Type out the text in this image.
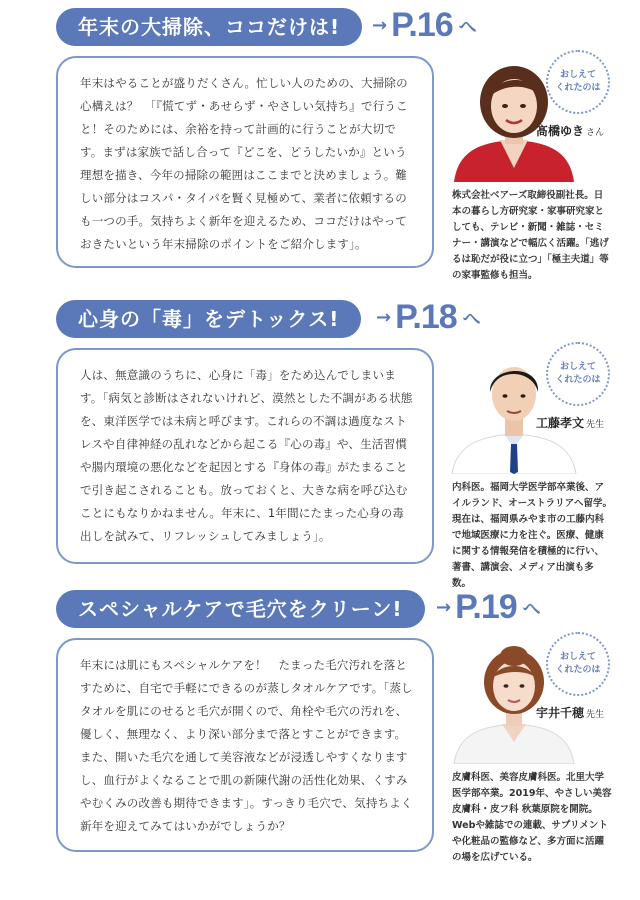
年末の大掃除、ココだけは!	→ P.16 へ

年末はやることが盛りだくさん。忙しい人のための、大掃除の心構えは？　「『慌てず・あせらず・やさしい気持ち』で行うこと！そのためには、余裕を持って計画的に行うことが大切です。まずは家族で話し合って『どこを、どうしたいか』という理想を描き、今年の掃除の範囲はここまでと決めましょう。難しい部分はコスパ・タイパを賢く見極めて、業者に依頼するのも一つの手。気持ちよく新年を迎えるため、ココだけはやっておきたいという年末掃除のポイントをご紹介します」。

おしえて
くれたのは
髙橋ゆき さん

株式会社ベアーズ取締役副社長。日本の暮らし方研究家・家事研究家としても、テレビ・新聞・雑誌・セミナー・講演などで幅広く活躍。「逃げるは恥だが役に立つ」「極主夫道」等の家事監修も担当。

心身の「毒」をデトックス!	→ P.18 へ

人は、無意識のうちに、心身に「毒」をため込んでしまいます。「病気と診断はされないけれど、漠然とした不調がある状態を、東洋医学では未病と呼びます。これらの不調は過度なストレスや自律神経の乱れなどから起こる『心の毒』や、生活習慣や腸内環境の悪化などを起因とする『身体の毒』がたまることで引き起こされることも。放っておくと、大きな病を呼び込むことにもなりかねません。年末に、1年間にたまった心身の毒出しを試みて、リフレッシュしてみましょう」。

おしえて
くれたのは
工藤孝文 先生

内科医。福岡大学医学部卒業後、アイルランド、オーストラリアへ留学。現在は、福岡県みやま市の工藤内科で地域医療に力を注ぐ。医療、健康に関する情報発信を積極的に行い、著書、講演会、メディア出演も多数。

スペシャルケアで毛穴をクリーン!	→ P.19 へ

年末には肌にもスペシャルケアを！　たまった毛穴汚れを落とすために、自宅で手軽にできるのが蒸しタオルケアです。「蒸しタオルを肌にのせると毛穴が開くので、角栓や毛穴の汚れを、優しく、無理なく、より深い部分まで落とすことができます。また、開いた毛穴を通して美容液などが浸透しやすくなりますし、血行がよくなることで肌の新陳代謝の活性化効果、くすみやむくみの改善も期待できます」。すっきり毛穴で、気持ちよく新年を迎えてみてはいかがでしょうか？

おしえて
くれたのは
宇井千穂 先生

皮膚科医、美容皮膚科医。北里大学医学部卒業。2019年、やさしい美容皮膚科・皮フ科 秋葉原院を開院。Webや雑誌での連載、サプリメントや化粧品の監修など、多方面に活躍の場を広げている。
